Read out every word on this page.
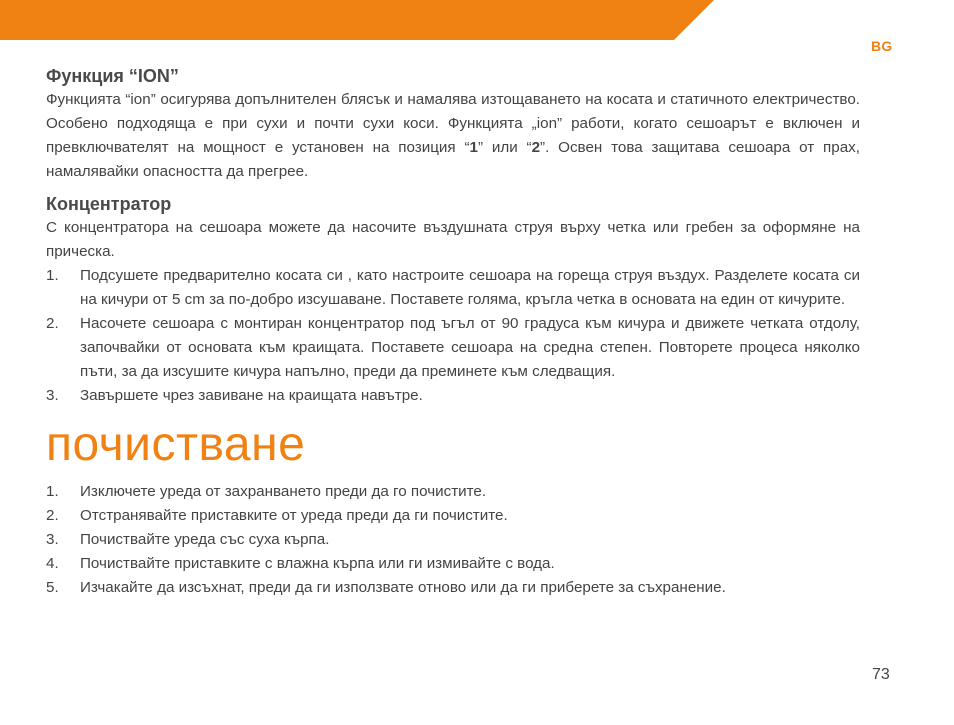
BG
Функция “ION”

Функцията “ion” осигурява допълнителен блясък и намалява изтощаването на косата и статичното електричество. Особено подходяща е при сухи и почти сухи коси. Функцията „ion” работи, когато сешоарът е включен и превключвателят на мощност е установен на позиция “1” или “2”. Освен това защитава сешоара от прах, намалявайки опасността да прегрее.

Концентратор

С концентратора на сешоара можете да насочите въздушната струя върху четка или гребен за оформяне на прическа.

1. Подсушете предварително косата си , като настроите сешоара на гореща струя въздух. Разделете косата си на кичури от 5 cm за по-добро изсушаване. Поставете голяма, кръгла четка в основата на един от кичурите.
2. Насочете сешоара с монтиран концентратор под ъгъл от 90 градуса към кичура и движете четката отдолу, започвайки от основата към краищата. Поставете сешоара на средна степен. Повторете процеса няколко пъти, за да изсушите кичура напълно, преди да преминете към следващия.
3. Завършете чрез завиване на краищата навътре.
почистване
1. Изключете уреда от захранването преди да го почистите.
2. Отстранявайте приставките от уреда преди да ги почистите.
3. Почиствайте уреда със суха кърпа.
4. Почиствайте приставките с влажна кърпа или ги измивайте с вода.
5. Изчакайте да изсъхнат, преди да ги използвате отново или да ги приберете за съхранение.
73
